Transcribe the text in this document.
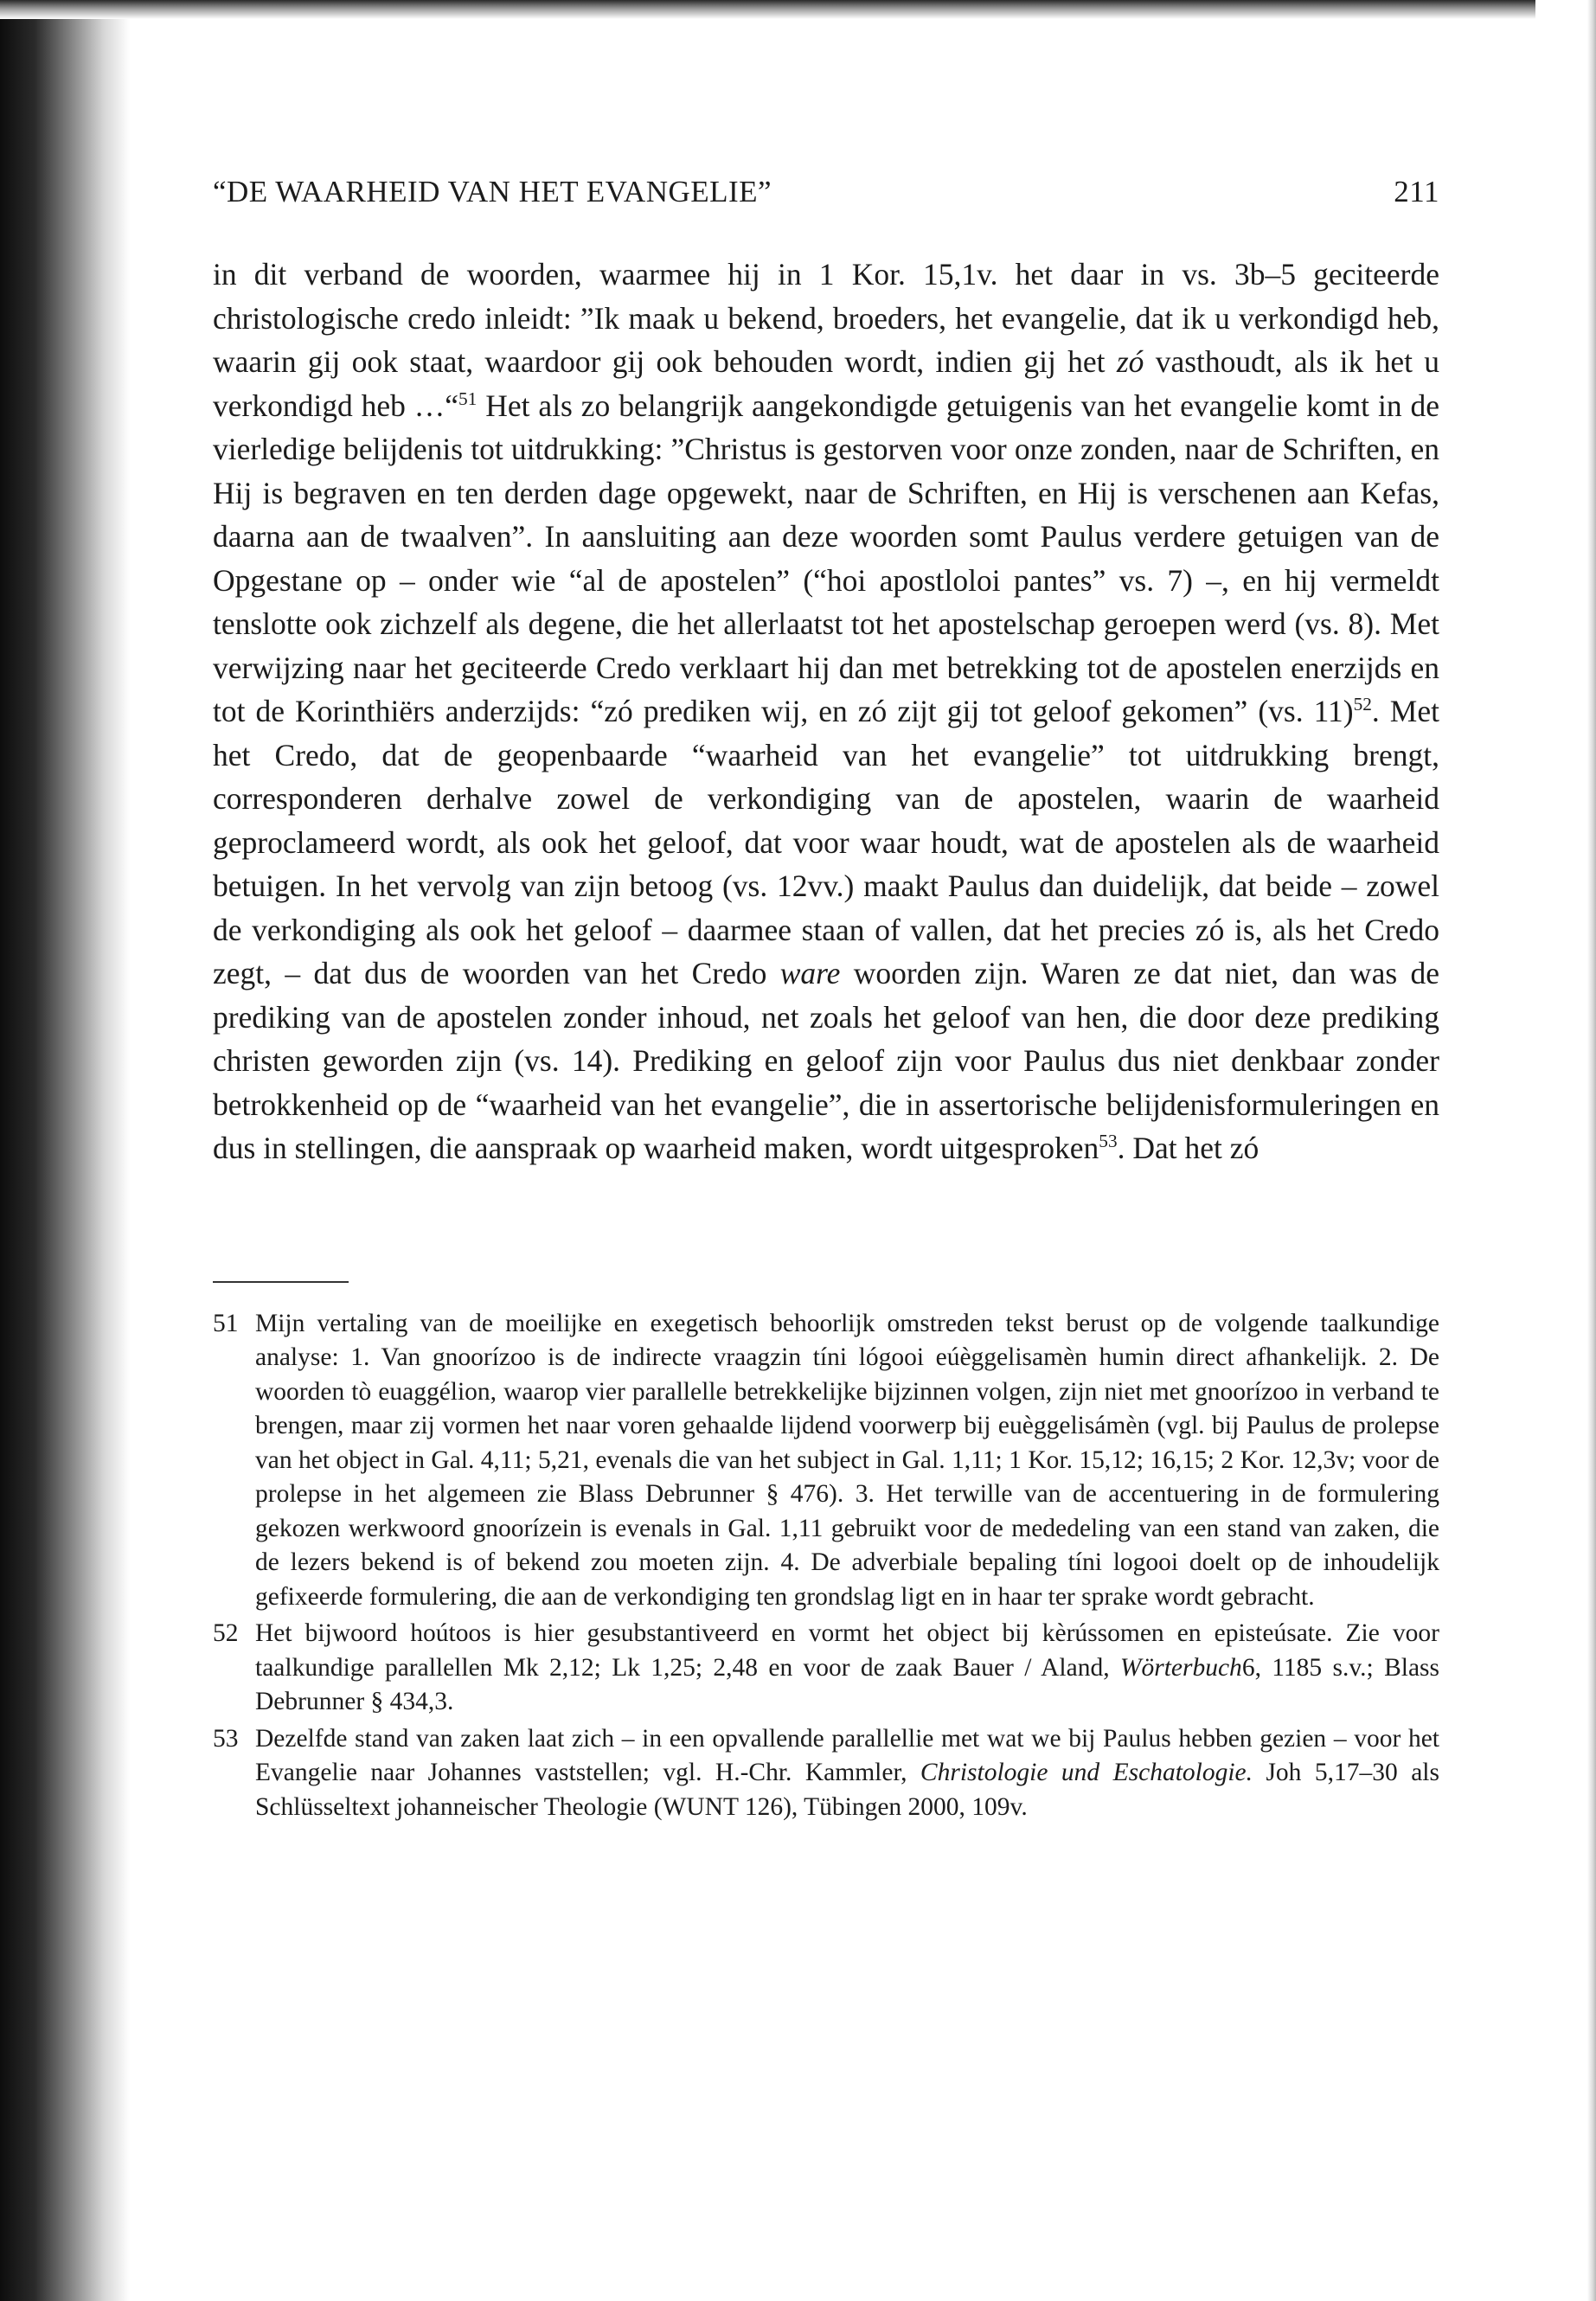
“DE WAARHEID VAN HET EVANGELIE”	211

in dit verband de woorden, waarmee hij in 1 Kor. 15,1v. het daar in vs. 3b–5 geciteerde christologische credo inleidt: ”Ik maak u bekend, broeders, het evangelie, dat ik u verkondigd heb, waarin gij ook staat, waardoor gij ook behouden wordt, indien gij het zó vasthoudt, als ik het u verkondigd heb …“$^{51}$ Het als zo belangrijk aangekondigde getuigenis van het evangelie komt in de vierledige belijdenis tot uitdrukking: ”Christus is gestorven voor onze zonden, naar de Schriften, en Hij is begraven en ten derden dage opgewekt, naar de Schriften, en Hij is verschenen aan Kefas, daarna aan de twaalven”. In aansluiting aan deze woorden somt Paulus verdere getuigen van de Opgestane op – onder wie “al de apostelen” (“hoi apostloloi pantes” vs. 7) –, en hij vermeldt tenslotte ook zichzelf als degene, die het allerlaatst tot het apostelschap geroepen werd (vs. 8). Met verwijzing naar het geciteerde Credo verklaart hij dan met betrekking tot de apostelen enerzijds en tot de Korinthiërs anderzijds: “zó prediken wij, en zó zijt gij tot geloof gekomen” (vs. 11)$^{52}$. Met het Credo, dat de geopenbaarde “waarheid van het evangelie” tot uitdrukking brengt, corresponderen derhalve zowel de verkondiging van de apostelen, waarin de waarheid geproclameerd wordt, als ook het geloof, dat voor waar houdt, wat de apostelen als de waarheid betuigen. In het vervolg van zijn betoog (vs. 12vv.) maakt Paulus dan duidelijk, dat beide – zowel de verkondiging als ook het geloof – daarmee staan of vallen, dat het precies zó is, als het Credo zegt, – dat dus de woorden van het Credo ware woorden zijn. Waren ze dat niet, dan was de prediking van de apostelen zonder inhoud, net zoals het geloof van hen, die door deze prediking christen geworden zijn (vs. 14). Prediking en geloof zijn voor Paulus dus niet denkbaar zonder betrokkenheid op de “waarheid van het evangelie”, die in assertorische belijdenisformuleringen en dus in stellingen, die aanspraak op waarheid maken, wordt uitgesproken$^{53}$. Dat het zó

51 Mijn vertaling van de moeilijke en exegetisch behoorlijk omstreden tekst berust op de volgende taalkundige analyse: 1. Van gnoorízoo is de indirecte vraagzin tíni lógooi eúèggelisamèn humin direct afhankelijk. 2. De woorden tò euaggélion, waarop vier parallelle betrekkelijke bijzinnen volgen, zijn niet met gnoorízoo in verband te brengen, maar zij vormen het naar voren gehaalde lijdend voorwerp bij euèggelisámèn (vgl. bij Paulus de prolepse van het object in Gal. 4,11; 5,21, evenals die van het subject in Gal. 1,11; 1 Kor. 15,12; 16,15; 2 Kor. 12,3v; voor de prolepse in het algemeen zie Blass Debrunner § 476). 3. Het terwille van de accentuering in de formulering gekozen werkwoord gnoorízein is evenals in Gal. 1,11 gebruikt voor de mededeling van een stand van zaken, die de lezers bekend is of bekend zou moeten zijn. 4. De adverbiale bepaling tíni logooi doelt op de inhoudelijk gefixeerde formulering, die aan de verkondiging ten grondslag ligt en in haar ter sprake wordt gebracht.
52 Het bijwoord hoútoos is hier gesubstantiveerd en vormt het object bij kèrússomen en episteúsate. Zie voor taalkundige parallellen Mk 2,12; Lk 1,25; 2,48 en voor de zaak Bauer / Aland, Wörterbuch6, 1185 s.v.; Blass Debrunner § 434,3.
53 Dezelfde stand van zaken laat zich – in een opvallende parallellie met wat we bij Paulus hebben gezien – voor het Evangelie naar Johannes vaststellen; vgl. H.-Chr. Kammler, Christologie und Eschatologie. Joh 5,17–30 als Schlüsseltext johanneischer Theologie (WUNT 126), Tübingen 2000, 109v.
